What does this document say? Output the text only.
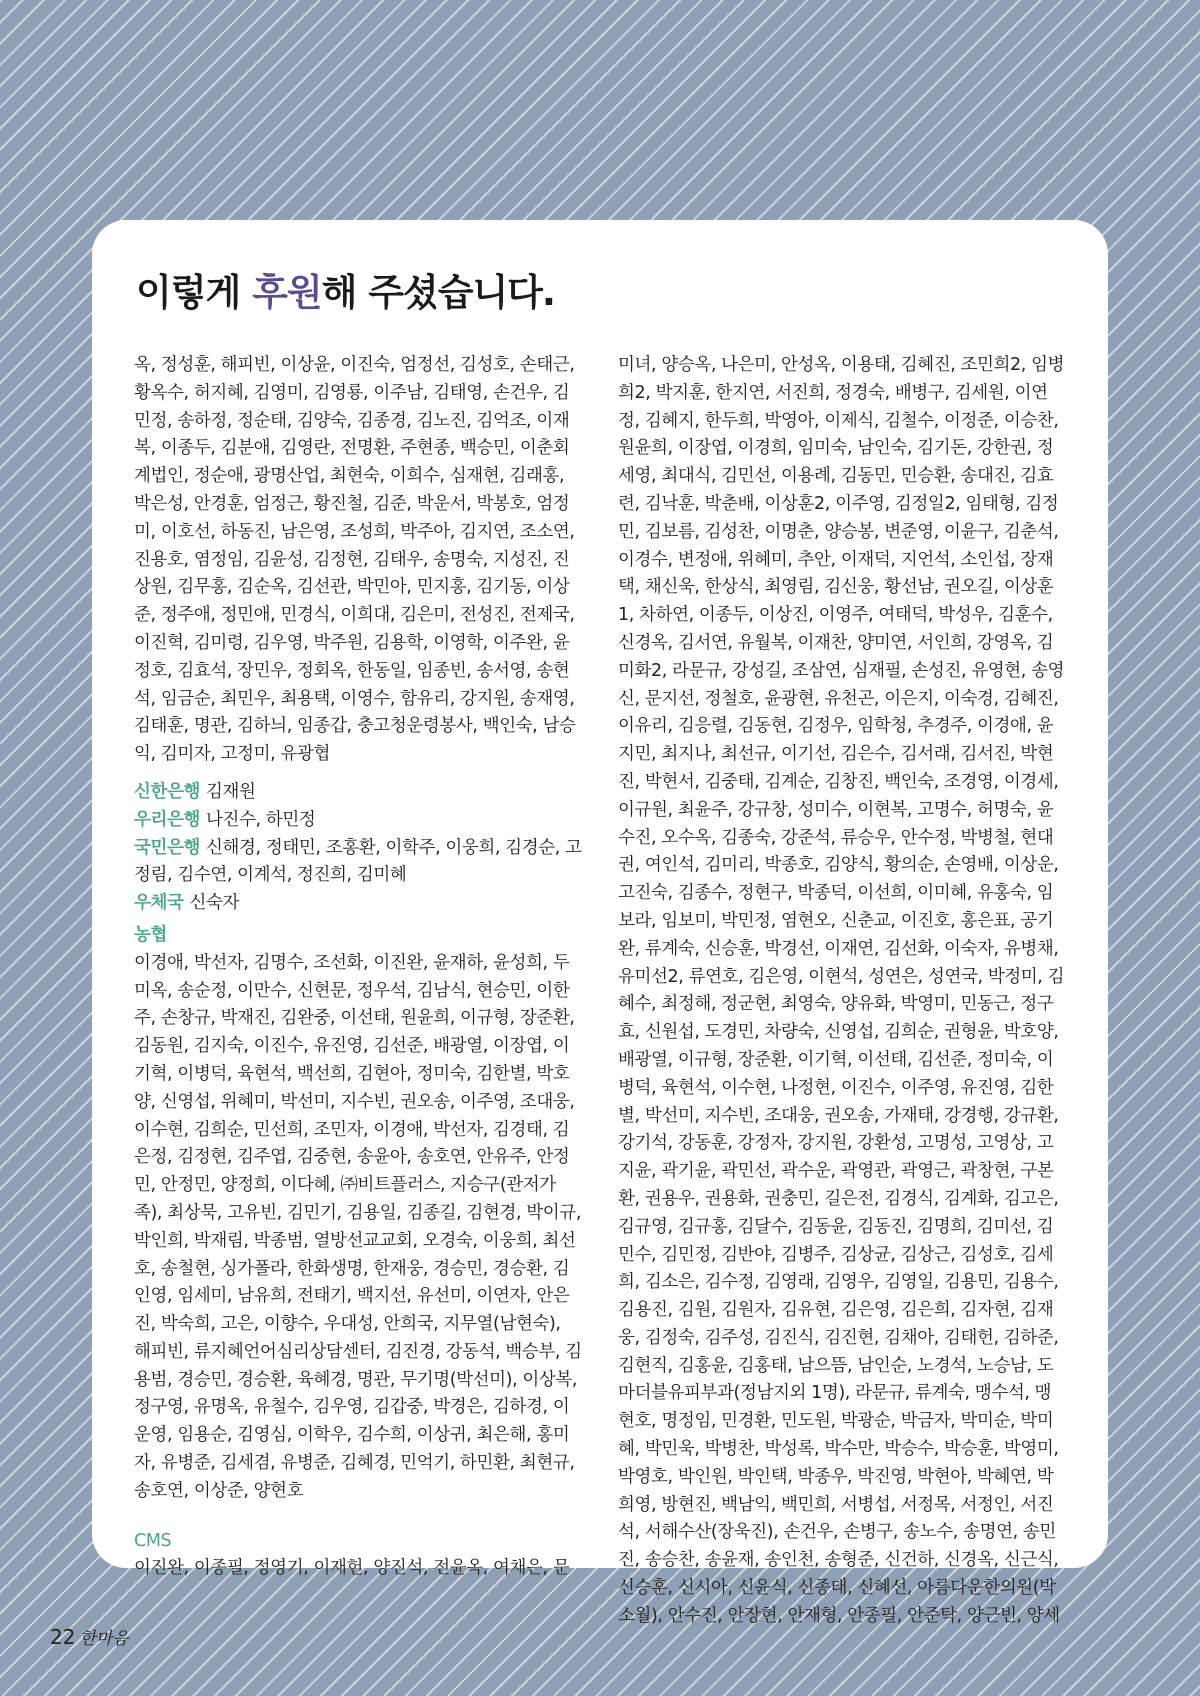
이렇게 후원해 주셨습니다.

옥, 정성훈, 해피빈, 이상윤, 이진숙, 엄정선, 김성호, 손태근, 황옥수, 허지혜, 김영미, 김영룡, 이주남, 김태영, 손건우, 김민정, 송하정, 정순태, 김양숙, 김종경, 김노진, 김억조, 이재복, 이종두, 김분애, 김영란, 전명환, 주현종, 백승민, 이춘회계법인, 정순애, 광명산업, 최현숙, 이희수, 심재현, 김래홍, 박은성, 안경훈, 엄정근, 황진철, 김준, 박운서, 박봉호, 엄정미, 이호선, 하동진, 남은영, 조성희, 박주아, 김지연, 조소연, 진용호, 염정임, 김윤성, 김정현, 김태우, 송명숙, 지성진, 진상원, 김무홍, 김순옥, 김선관, 박민아, 민지홍, 김기동, 이상준, 정주애, 정민애, 민경식, 이희대, 김은미, 전성진, 전제국, 이진혁, 김미령, 김우영, 박주원, 김용학, 이영학, 이주완, 윤정호, 김효석, 장민우, 정회옥, 한동일, 임종빈, 송서영, 송현석, 임금순, 최민우, 최용택, 이영수, 함유리, 강지원, 송재영, 김태훈, 명관, 김하늬, 임종갑, 충고청운령봉사, 백인숙, 남승익, 김미자, 고정미, 유광협

신한은행 김재원

우리은행 나진수, 하민정

국민은행 신해경, 정태민, 조홍환, 이학주, 이웅희, 김경순, 고정림, 김수연, 이계석, 정진희, 김미혜

우체국 신숙자

농협
이경애, 박선자, 김명수, 조선화, 이진완, 윤재하, 윤성희, 두미옥, 송순정, 이만수, 신현문, 정우석, 김남식, 현승민, 이한주, 손창규, 박재진, 김완중, 이선태, 원윤희, 이규형, 장준환, 김동원, 김지숙, 이진수, 유진영, 김선준, 배광열, 이장엽, 이기혁, 이병덕, 육현석, 백선희, 김현아, 정미숙, 김한별, 박호양, 신영섭, 위혜미, 박선미, 지수빈, 권오송, 이주영, 조대웅, 이수현, 김희순, 민선희, 조민자, 이경애, 박선자, 김경태, 김은정, 김정현, 김주엽, 김중현, 송윤아, 송호연, 안유주, 안정민, 안정민, 양정희, 이다혜, ㈜비트플러스, 지승구(관저가족), 최상묵, 고유빈, 김민기, 김용일, 김종길, 김현경, 박이규, 박인희, 박재림, 박종범, 열방선교교회, 오경숙, 이웅희, 최선호, 송철현, 싱가폴라, 한화생명, 한재웅, 경승민, 경승환, 김인영, 임세미, 남유희, 전태기, 백지선, 유선미, 이연자, 안은진, 박숙희, 고은, 이향수, 우대성, 안희국, 지무열(남현숙), 해피빈, 류지혜언어심리상담센터, 김진경, 강동석, 백승부, 김용범, 경승민, 경승환, 육혜경, 명관, 무기명(박선미), 이상복, 정구영, 유명옥, 유철수, 김우영, 김갑중, 박경은, 김하경, 이운영, 임용순, 김영심, 이학우, 김수희, 이상귀, 최은해, 홍미자, 유병준, 김세겸, 유병준, 김혜경, 민억기, 하민환, 최현규, 송호연, 이상준, 양현호
CMS
이진완, 이종필, 정영기, 이재헌, 양진석, 전윤옥, 여채은, 문

미녀, 양승옥, 나은미, 안성옥, 이용태, 김혜진, 조민희2, 임병희2, 박지훈, 한지연, 서진희, 정경숙, 배병구, 김세원, 이연정, 김혜지, 한두희, 박영아, 이제식, 김철수, 이정준, 이승찬, 원윤희, 이장엽, 이경희, 임미숙, 남인숙, 김기돈, 강한권, 정세영, 최대식, 김민선, 이용례, 김동민, 민승환, 송대진, 김효련, 김낙훈, 박춘배, 이상훈2, 이주영, 김정일2, 임태형, 김정민, 김보름, 김성찬, 이명춘, 양승봉, 변준영, 이윤구, 김춘석, 이경수, 변정애, 위혜미, 추안, 이재덕, 지언석, 소인섭, 장재택, 채신욱, 한상식, 최영림, 김신웅, 황선남, 권오길, 이상훈1, 차하연, 이종두, 이상진, 이영주, 여태덕, 박성우, 김훈수, 신경옥, 김서연, 유월복, 이재찬, 양미연, 서인희, 강영옥, 김미화2, 라문규, 강성길, 조삼연, 심재필, 손성진, 유영현, 송영신, 문지선, 정철호, 윤광현, 유천곤, 이은지, 이숙경, 김혜진, 이유리, 김응렬, 김동현, 김정우, 임학청, 추경주, 이경애, 윤지민, 최지나, 최선규, 이기선, 김은수, 김서래, 김서진, 박현진, 박현서, 김중태, 김계순, 김창진, 백인숙, 조경영, 이경세, 이규원, 최윤주, 강규창, 성미수, 이현복, 고명수, 허명숙, 윤수진, 오수옥, 김종숙, 강준석, 류승우, 안수정, 박병철, 현대권, 여인석, 김미리, 박종호, 김양식, 황의순, 손영배, 이상운, 고진숙, 김종수, 정현구, 박종덕, 이선희, 이미혜, 유홍숙, 임보라, 임보미, 박민정, 염현오, 신춘교, 이진호, 홍은표, 공기완, 류계숙, 신승훈, 박경선, 이재연, 김선화, 이숙자, 유병채, 유미선2, 류연호, 김은영, 이현석, 성연은, 성연국, 박정미, 김혜수, 최정해, 정군현, 최영숙, 양유화, 박영미, 민동근, 정구효, 신원섭, 도경민, 차량숙, 신영섭, 김희순, 권형윤, 박호양, 배광열, 이규형, 장준환, 이기혁, 이선태, 김선준, 정미숙, 이병덕, 육현석, 이수현, 나정현, 이진수, 이주영, 유진영, 김한별, 박선미, 지수빈, 조대웅, 권오송, 가재태, 강경행, 강규환, 강기석, 강동훈, 강정자, 강지원, 강환성, 고명성, 고영상, 고지윤, 곽기윤, 곽민선, 곽수운, 곽영관, 곽영근, 곽창현, 구본환, 권용우, 권용화, 권충민, 길은전, 김경식, 김계화, 김고은, 김규영, 김규홍, 김달수, 김동윤, 김동진, 김명희, 김미선, 김민수, 김민정, 김반야, 김병주, 김상균, 김상근, 김성호, 김세희, 김소은, 김수정, 김영래, 김영우, 김영일, 김용민, 김용수, 김용진, 김원, 김원자, 김유현, 김은영, 김은희, 김자현, 김재웅, 김정숙, 김주성, 김진식, 김진현, 김채아, 김태헌, 김하준, 김현직, 김홍윤, 김홍태, 남으뜸, 남인순, 노경석, 노승남, 도마더블유피부과(정남지외 1명), 라문규, 류계숙, 맹수석, 맹현호, 명정임, 민경환, 민도원, 박광순, 박금자, 박미순, 박미혜, 박민욱, 박병찬, 박성록, 박수만, 박승수, 박승훈, 박영미, 박영호, 박인원, 박인택, 박종우, 박진영, 박현아, 박혜연, 박희영, 방현진, 백남익, 백민희, 서병섭, 서정목, 서정인, 서진석, 서해수산(장욱진), 손건우, 손병구, 송노수, 송명연, 송민진, 송승찬, 송윤재, 송인천, 송형준, 신건하, 신경옥, 신근식, 신승훈, 신시아, 신윤식, 신종태, 신혜선, 아름다운한의원(박소월), 안수진, 안장현, 안재형, 안종필, 안준탁, 양근빈, 양세

22 한마음
